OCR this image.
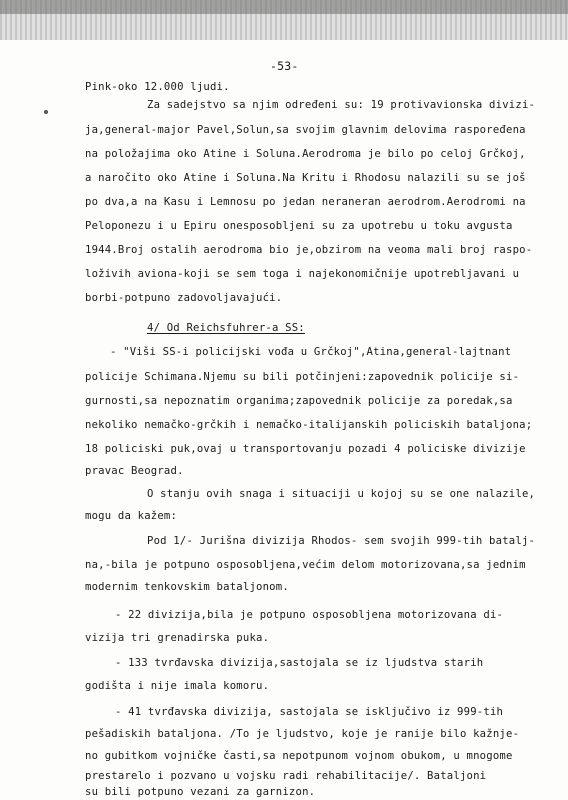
-53-
Pink-oko 12.000 ljudi.
Za sadejstvo sa njim određeni su: 19 protivavionska divizi-
ja,general-major Pavel,Solun,sa svojim glavnim delovima raspoređena
na položajima oko Atine i Soluna.Aerodroma je bilo po celoj Grčkoj,
a naročito oko Atine i Soluna.Na Kritu i Rhodosu nalazili su se još
po dva,a na Kasu i Lemnosu po jedan neraneran aerodrom.Aerodromi na
Peloponezu i u Epiru onesposobljeni su za upotrebu u toku avgusta
1944.Broj ostalih aerodroma bio je,obzirom na veoma mali broj raspo-
loživih aviona-koji se sem toga i najekonomičnije upotrebljavani u
borbi-potpuno zadovoljavajući.
4/ Od Reichsfuhrer-a SS:
- "Viši SS-i policijski vođa u Grčkoj",Atina,general-lajtnant
policije Schimana.Njemu su bili potčinjeni:zapovednik policije si-
gurnosti,sa nepoznatim organima;zapovednik policije za poredak,sa
nekoliko nemačko-grčkih i nemačko-italijanskih policiskih bataljona;
18 policiski puk,ovaj u transportovanju pozadi 4 policiske divizije
pravac Beograd.
O stanju ovih snaga i situaciji u kojoj su se one nalazile,
mogu da kažem:
Pod 1/- Jurišna divizija Rhodos- sem svojih 999-tih batalj-
na,-bila je potpuno osposobljena,većim delom motorizovana,sa jednim
modernim tenkovskim bataljonom.
- 22 divizija,bila je potpuno osposobljena motorizovana di-
vizija tri grenadirska puka.
- 133 tvrđavska divizija,sastojala se iz ljudstva starih
godišta i nije imala komoru.
- 41 tvrđavska divizija, sastojala se isključivo iz 999-tih
pešadiskih bataljona. /To je ljudstvo, koje je ranije bilo kažnje-
no gubitkom vojničke časti,sa nepotpunom vojnom obukom, u mnogome
prestarelo i pozvano u vojsku radi rehabilitacije/. Bataljoni
su bili potpuno vezani za garnizon.
